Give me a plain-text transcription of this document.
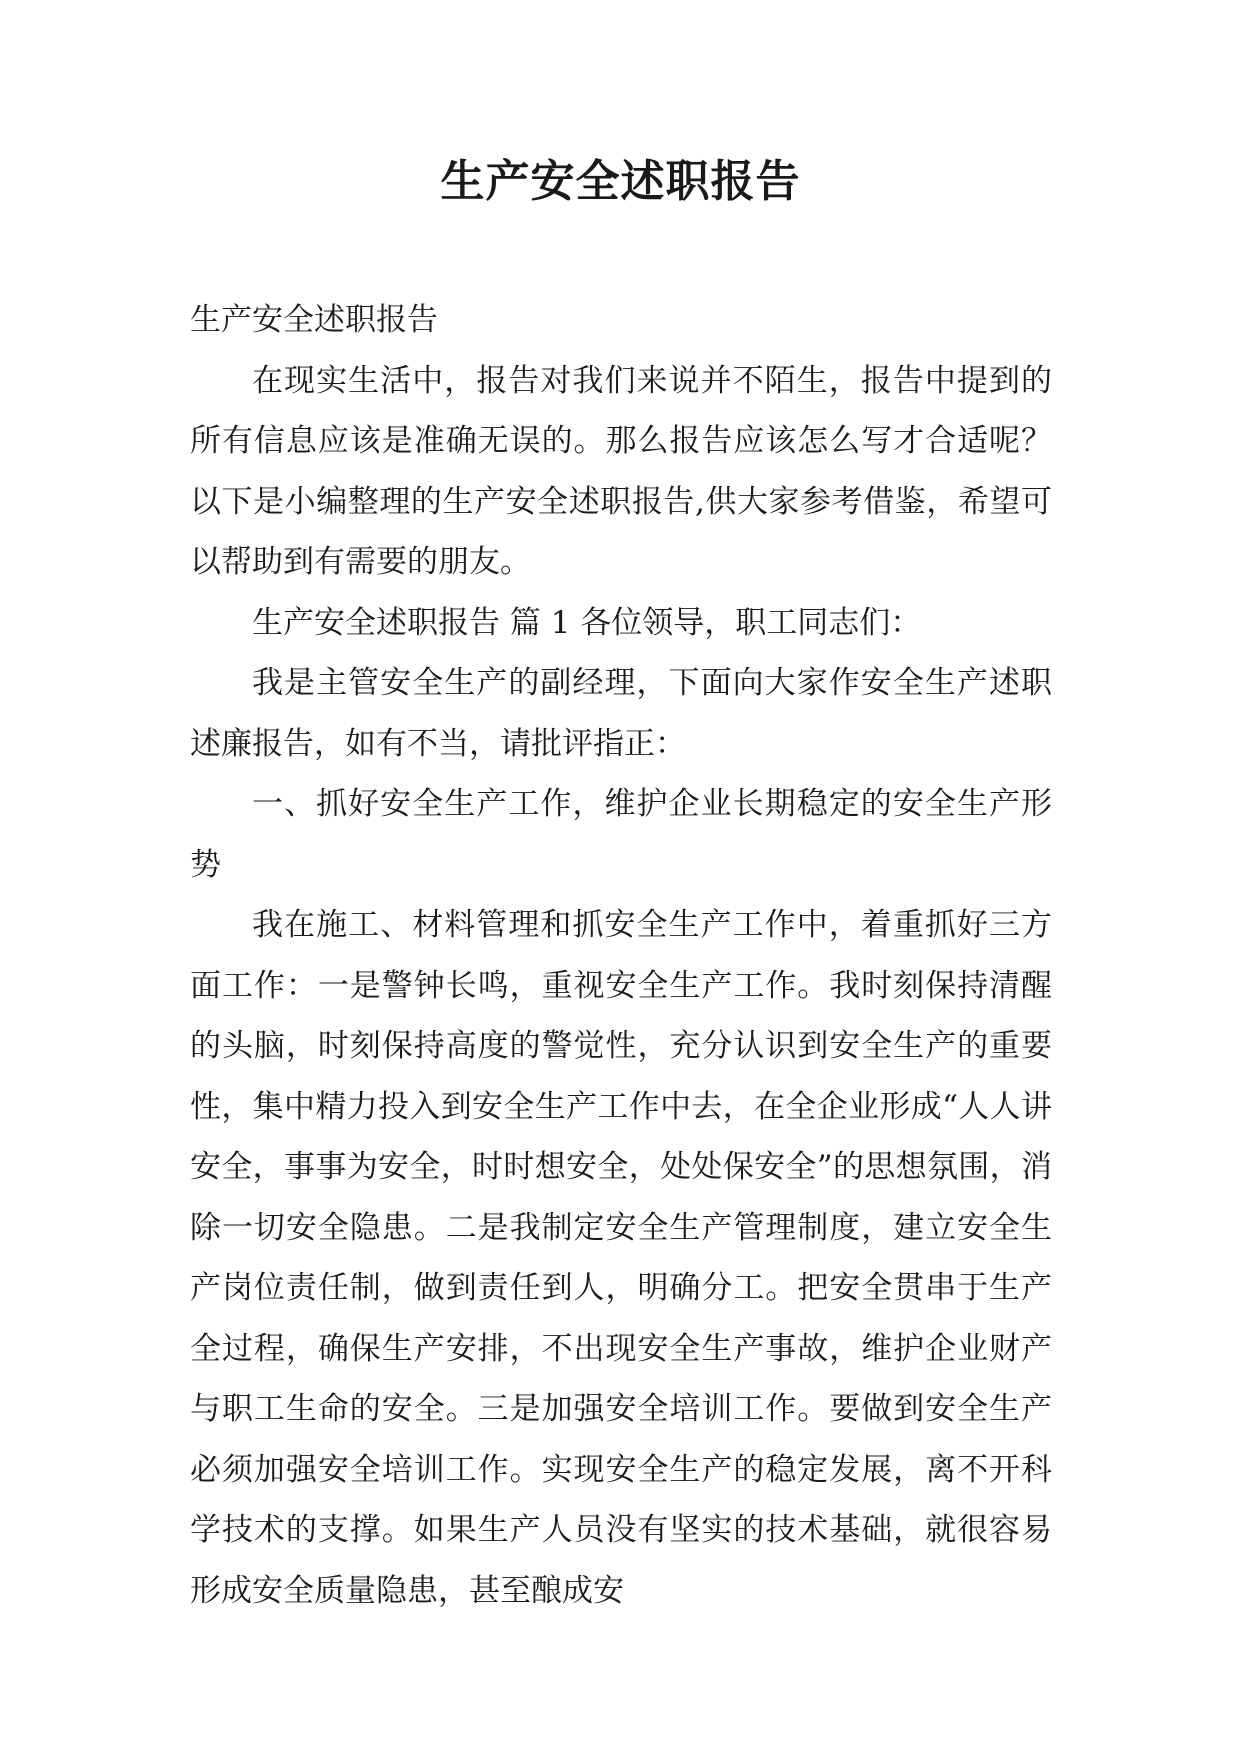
生产安全述职报告

生产安全述职报告

在现实生活中，报告对我们来说并不陌生，报告中提到的所有信息应该是准确无误的。那么报告应该怎么写才合适呢？以下是小编整理的生产安全述职报告,供大家参考借鉴，希望可以帮助到有需要的朋友。

生产安全述职报告 篇 1 各位领导，职工同志们：

我是主管安全生产的副经理，下面向大家作安全生产述职述廉报告，如有不当，请批评指正：

一、抓好安全生产工作，维护企业长期稳定的安全生产形势

我在施工、材料管理和抓安全生产工作中，着重抓好三方面工作：一是警钟长鸣，重视安全生产工作。我时刻保持清醒的头脑，时刻保持高度的警觉性，充分认识到安全生产的重要性，集中精力投入到安全生产工作中去，在全企业形成“人人讲安全，事事为安全，时时想安全，处处保安全”的思想氛围，消除一切安全隐患。二是我制定安全生产管理制度，建立安全生产岗位责任制，做到责任到人，明确分工。把安全贯串于生产全过程，确保生产安排，不出现安全生产事故，维护企业财产与职工生命的安全。三是加强安全培训工作。要做到安全生产必须加强安全培训工作。实现安全生产的稳定发展，离不开科学技术的支撑。如果生产人员没有坚实的技术基础，就很容易形成安全质量隐患，甚至酿成安
